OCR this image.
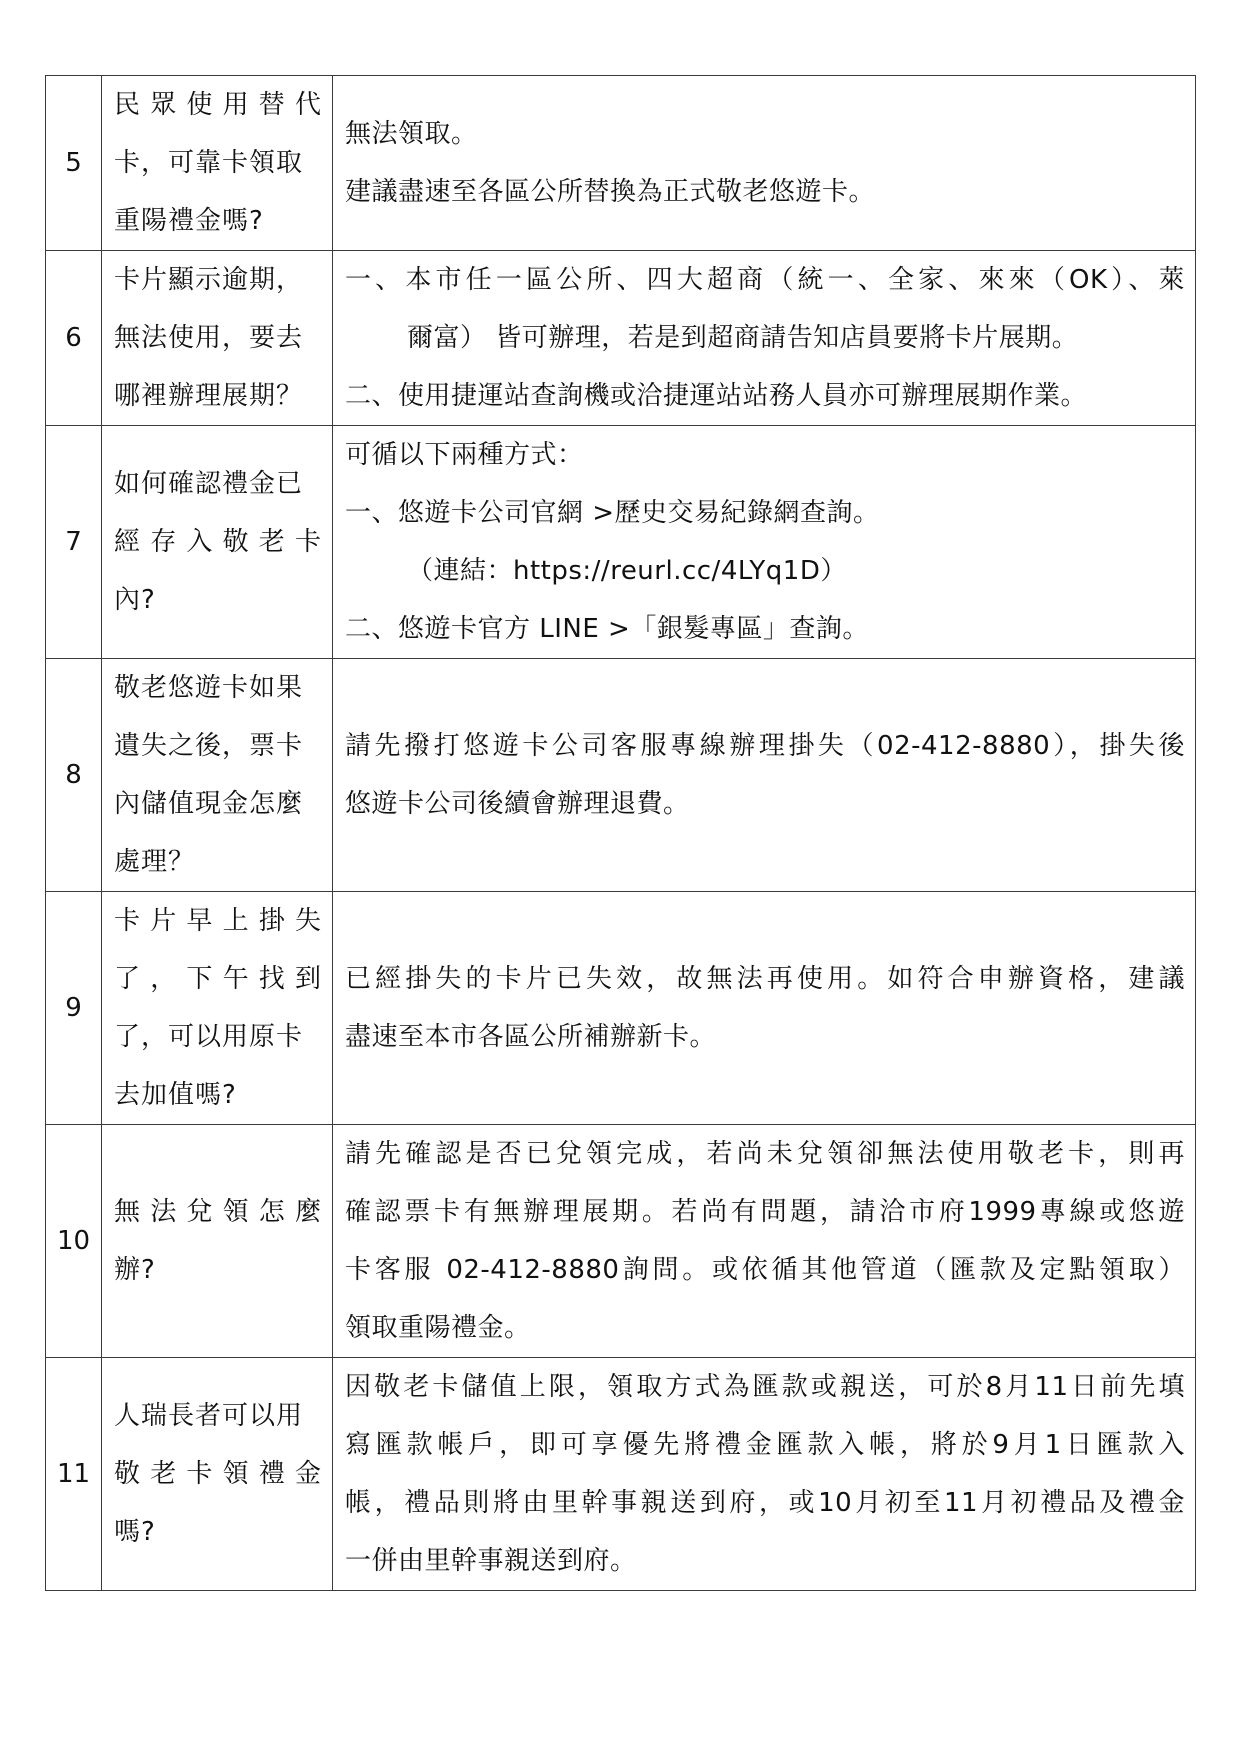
5	民眾使用替代
卡，可靠卡領取
重陽禮金嗎?	無法領取。
建議盡速至各區公所替換為正式敬老悠遊卡。

6	卡片顯示逾期，
無法使用，要去
哪裡辦理展期？	一、本市任一區公所、四大超商（統一、全家、來來（OK）、萊
爾富） 皆可辦理，若是到超商請告知店員要將卡片展期。
二、使用捷運站查詢機或洽捷運站站務人員亦可辦理展期作業。

7	如何確認禮金已
經存入敬老卡
內?	可循以下兩種方式：
一、悠遊卡公司官網 >歷史交易紀錄網查詢。
（連結：https://reurl.cc/4LYq1D）
二、悠遊卡官方 LINE >「銀髮專區」查詢。

8	敬老悠遊卡如果
遺失之後，票卡
內儲值現金怎麼
處理？	請先撥打悠遊卡公司客服專線辦理掛失（02-412-8880），掛失後
悠遊卡公司後續會辦理退費。

9	卡片早上掛失
了，下午找到
了，可以用原卡
去加值嗎?	已經掛失的卡片已失效，故無法再使用。如符合申辦資格，建議
盡速至本市各區公所補辦新卡。

10	無法兌領怎麼
辦?	請先確認是否已兌領完成，若尚未兌領卻無法使用敬老卡，則再
確認票卡有無辦理展期。若尚有問題，請洽市府1999專線或悠遊
卡客服 02-412-8880詢問。或依循其他管道（匯款及定點領取）
領取重陽禮金。

11	人瑞長者可以用
敬老卡領禮金
嗎?	因敬老卡儲值上限，領取方式為匯款或親送，可於8月11日前先填
寫匯款帳戶，即可享優先將禮金匯款入帳，將於9月1日匯款入
帳，禮品則將由里幹事親送到府，或10月初至11月初禮品及禮金
一併由里幹事親送到府。
